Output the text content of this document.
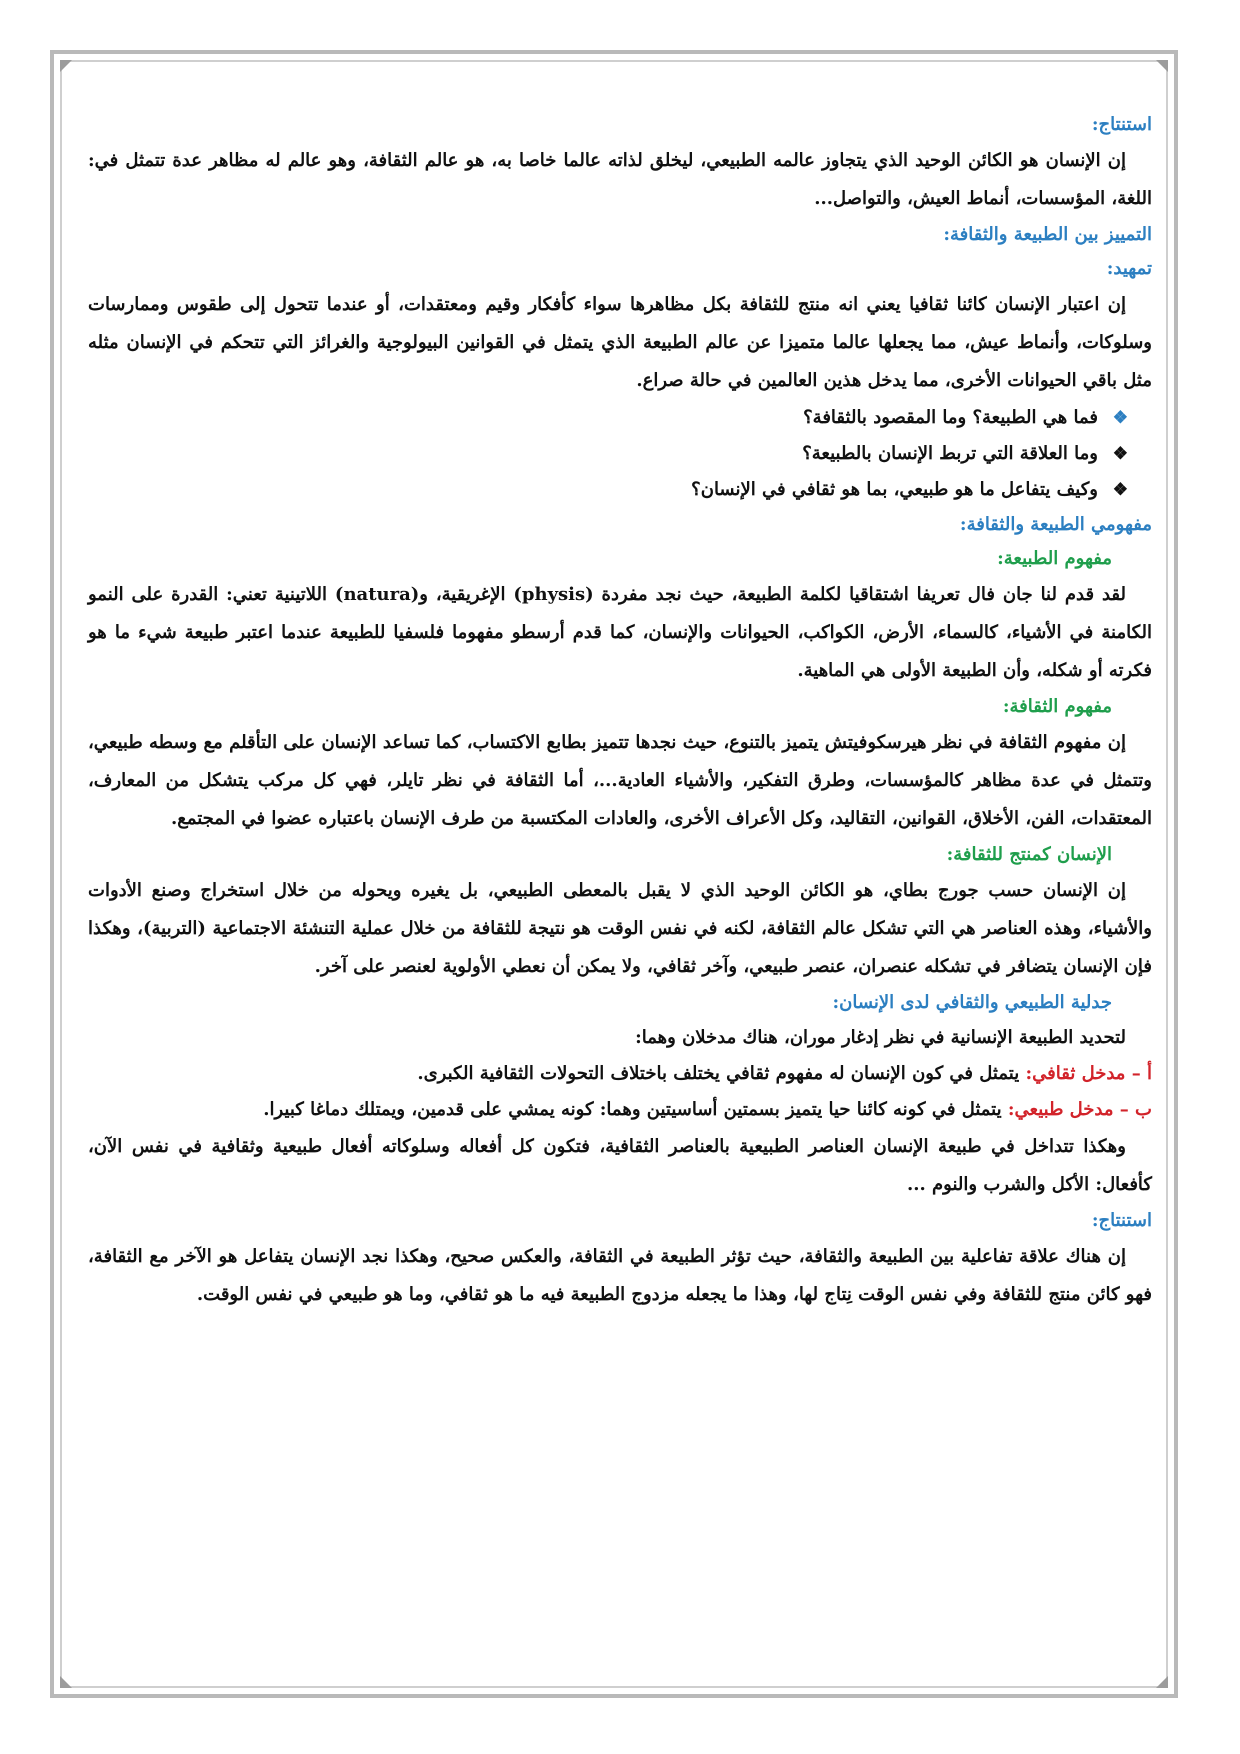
استنتاج:

إن الإنسان هو الكائن الوحيد الذي يتجاوز عالمه الطبيعي، ليخلق لذاته عالما خاصا به، هو عالم الثقافة، وهو عالم له مظاهر عدة تتمثل في: اللغة، المؤسسات، أنماط العيش، والتواصل...

التمييز بين الطبيعة والثقافة:
تمهيد:

إن اعتبار الإنسان كائنا ثقافيا يعني انه منتج للثقافة بكل مظاهرها سواء كأفكار وقيم ومعتقدات، أو عندما تتحول إلى طقوس وممارسات وسلوكات، وأنماط عيش، مما يجعلها عالما متميزا عن عالم الطبيعة الذي يتمثل في القوانين البيولوجية والغرائز التي تتحكم في الإنسان مثله مثل باقي الحيوانات الأخرى، مما يدخل هذين العالمين في حالة صراع.

❖فما هي الطبيعة؟ وما المقصود بالثقافة؟
❖وما العلاقة التي تربط الإنسان بالطبيعة؟
❖وكيف يتفاعل ما هو طبيعي، بما هو ثقافي في الإنسان؟
مفهومي الطبيعة والثقافة:
مفهوم الطبيعة:

لقد قدم لنا جان فال تعريفا اشتقاقيا لكلمة الطبيعة، حيث نجد مفردة (physis) الإغريقية، و(natura) اللاتينية تعني: القدرة على النمو الكامنة في الأشياء، كالسماء، الأرض، الكواكب، الحيوانات والإنسان، كما قدم أرسطو مفهوما فلسفيا للطبيعة عندما اعتبر طبيعة شيء ما هو فكرته أو شكله، وأن الطبيعة الأولى هي الماهية.

مفهوم الثقافة:

إن مفهوم الثقافة في نظر هيرسكوفيتش يتميز بالتنوع، حيث نجدها تتميز بطابع الاكتساب، كما تساعد الإنسان على التأقلم مع وسطه طبيعي، وتتمثل في عدة مظاهر كالمؤسسات، وطرق التفكير، والأشياء العادية...، أما الثقافة في نظر تايلر، فهي كل مركب يتشكل من المعارف، المعتقدات، الفن، الأخلاق، القوانين، التقاليد، وكل الأعراف الأخرى، والعادات المكتسبة من طرف الإنسان باعتباره عضوا في المجتمع.

الإنسان كمنتج للثقافة:

إن الإنسان حسب جورج بطاي، هو الكائن الوحيد الذي لا يقبل بالمعطى الطبيعي، بل يغيره ويحوله من خلال استخراج وصنع الأدوات والأشياء، وهذه العناصر هي التي تشكل عالم الثقافة، لكنه في نفس الوقت هو نتيجة للثقافة من خلال عملية التنشئة الاجتماعية (التربية)، وهكذا فإن الإنسان يتضافر في تشكله عنصران، عنصر طبيعي، وآخر ثقافي، ولا يمكن أن نعطي الأولوية لعنصر على آخر.

جدلية الطبيعي والثقافي لدى الإنسان:

لتحديد الطبيعة الإنسانية في نظر إدغار موران، هناك مدخلان وهما:

أ – مدخل ثقافي: يتمثل في كون الإنسان له مفهوم ثقافي يختلف باختلاف التحولات الثقافية الكبرى.

ب – مدخل طبيعي: يتمثل في كونه كائنا حيا يتميز بسمتين أساسيتين وهما: كونه يمشي على قدمين، ويمتلك دماغا كبيرا.

وهكذا تتداخل في طبيعة الإنسان العناصر الطبيعية بالعناصر الثقافية، فتكون كل أفعاله وسلوكاته أفعال طبيعية وثقافية في نفس الآن، كأفعال: الأكل والشرب والنوم ...

استنتاج:

إن هناك علاقة تفاعلية بين الطبيعة والثقافة، حيث تؤثر الطبيعة في الثقافة، والعكس صحيح، وهكذا نجد الإنسان يتفاعل هو الآخر مع الثقافة، فهو كائن منتج للثقافة وفي نفس الوقت نِتاج لها، وهذا ما يجعله مزدوج الطبيعة فيه ما هو ثقافي، وما هو طبيعي في نفس الوقت.
